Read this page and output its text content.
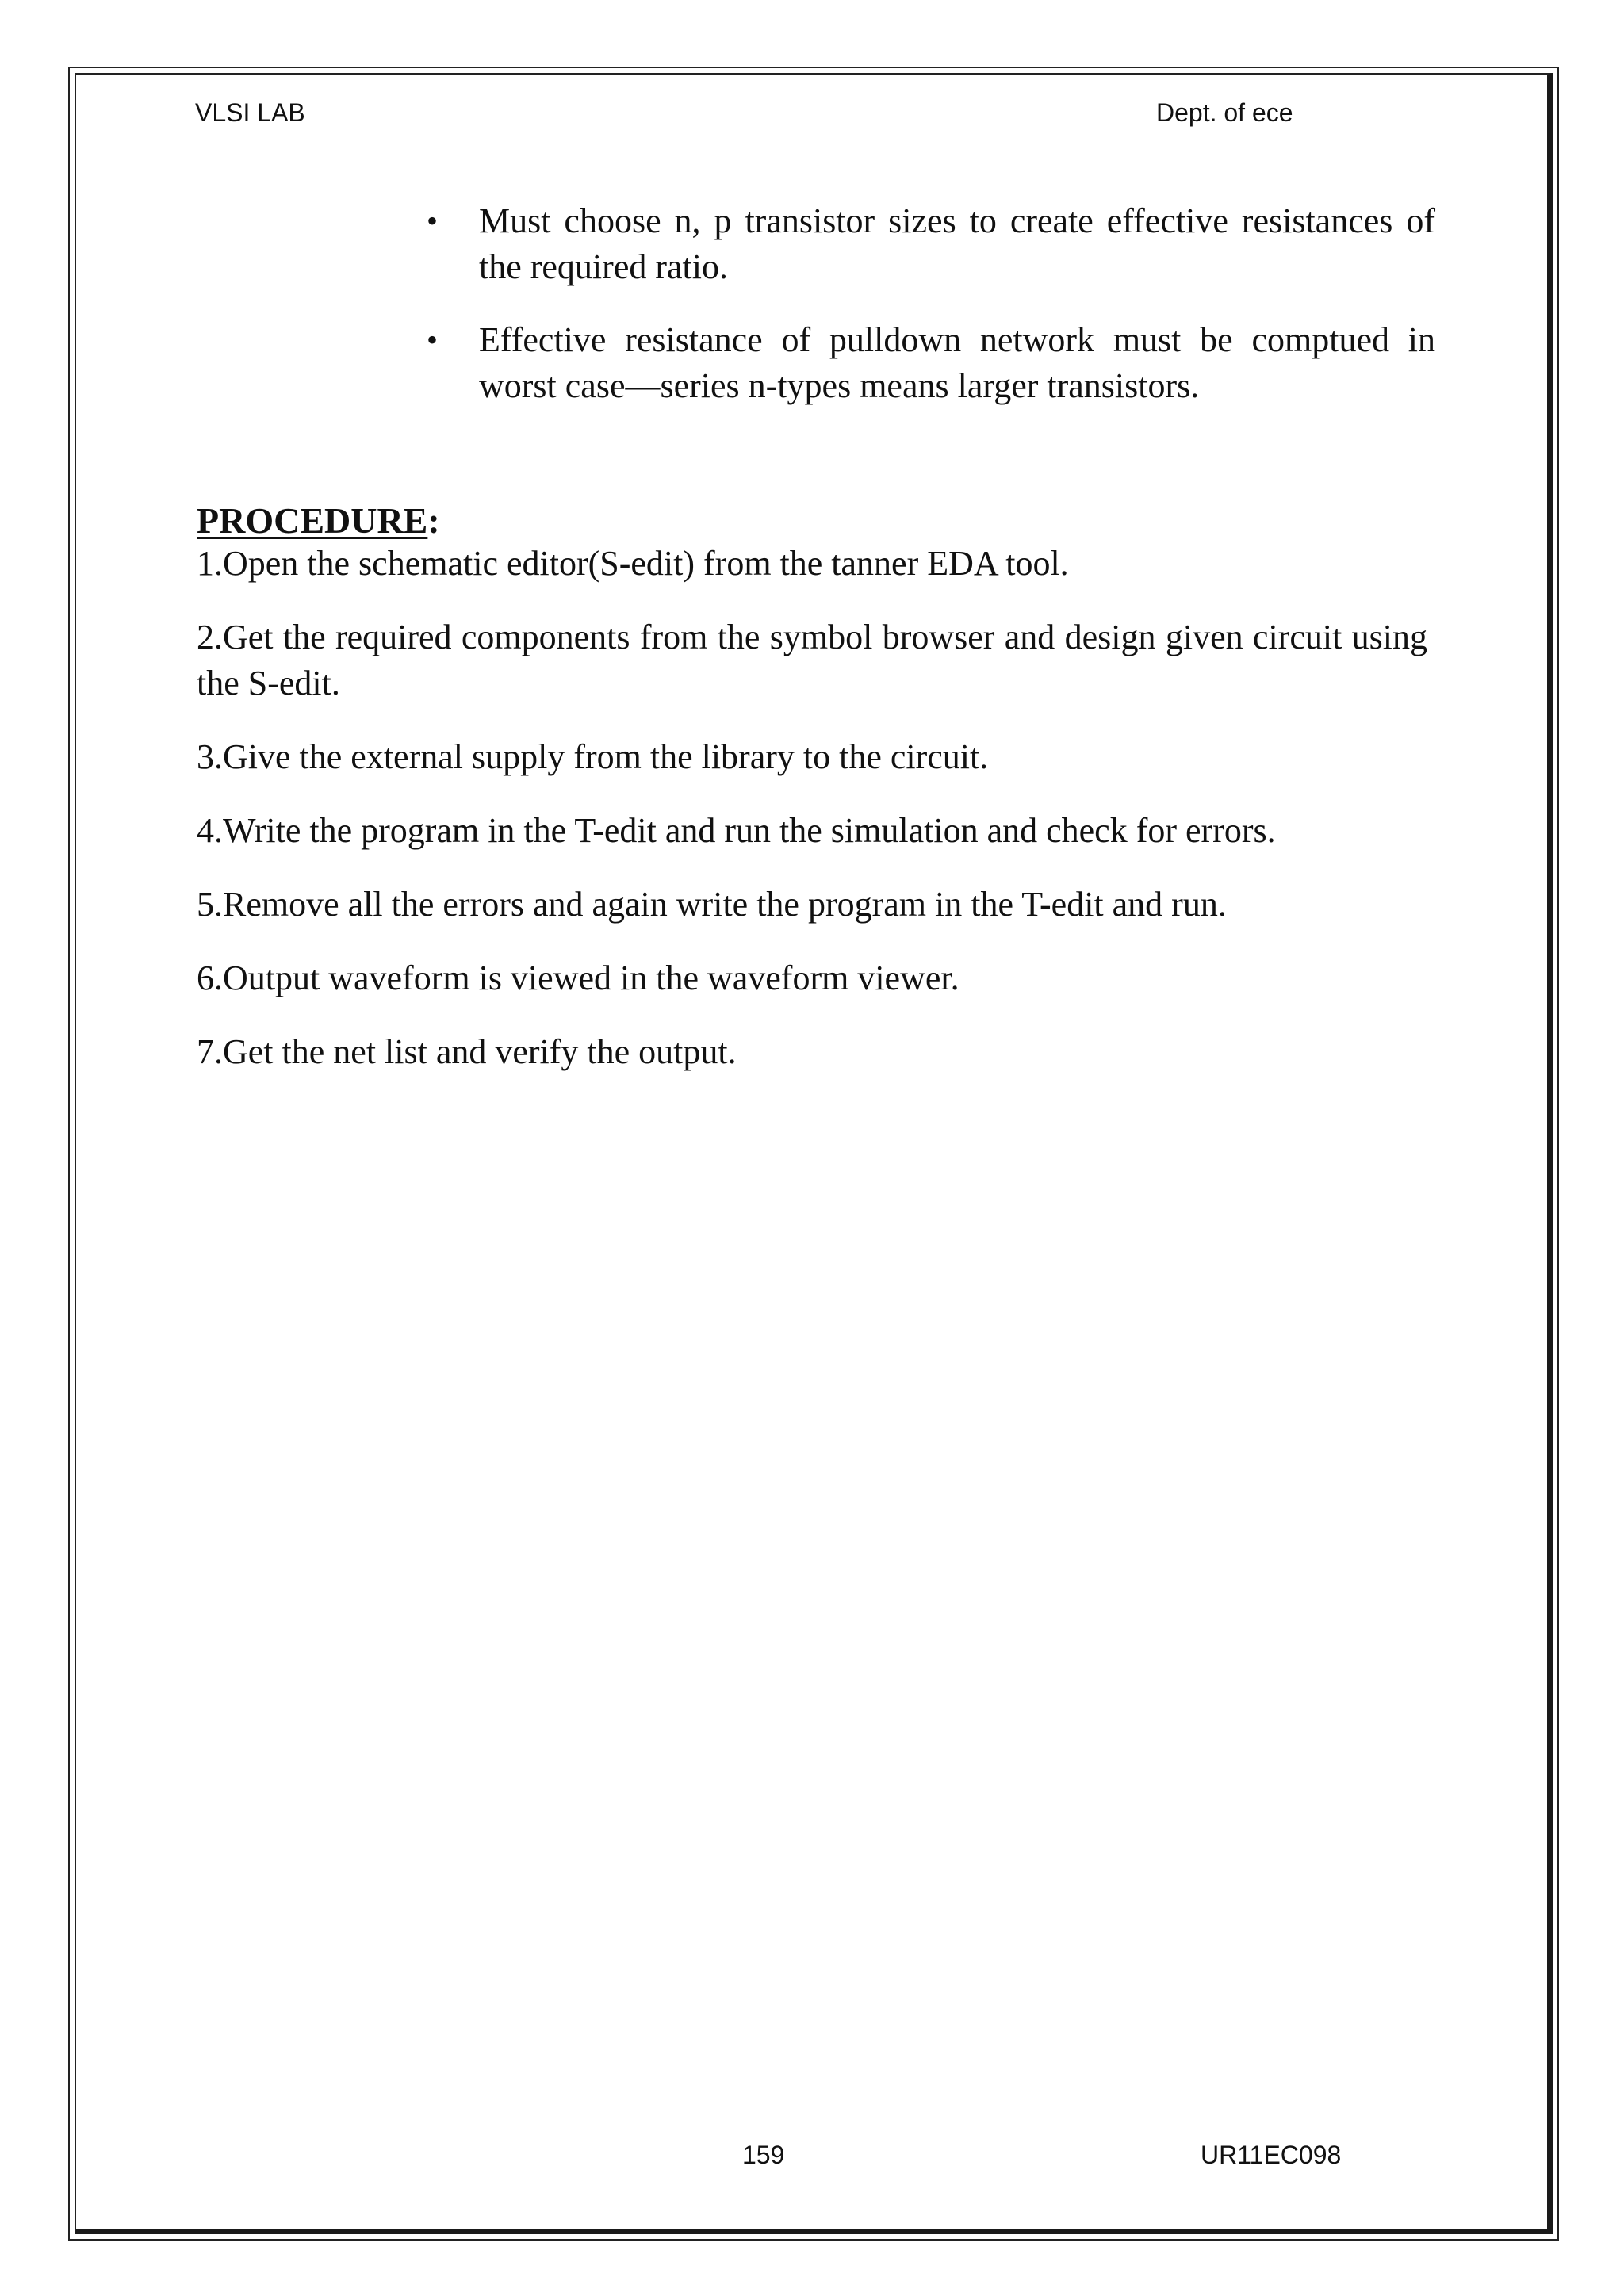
VLSI LAB	Dept. of ece
• Must choose n, p transistor sizes to create effective resistances of the required ratio.
• Effective resistance of pulldown network must be comptued in worst case—series n-types means larger transistors.
PROCEDURE:

1.Open the schematic editor(S-edit) from the tanner EDA tool.

2.Get the required components from the symbol browser and design given circuit using the S-edit.

3.Give the external supply from the library to the circuit.

4.Write the program in the T-edit and run the simulation and check for errors.

5.Remove all the errors and again write the program in the T-edit and run.

6.Output waveform is viewed in the waveform viewer.

7.Get the net list and verify the output.

159	UR11EC098
